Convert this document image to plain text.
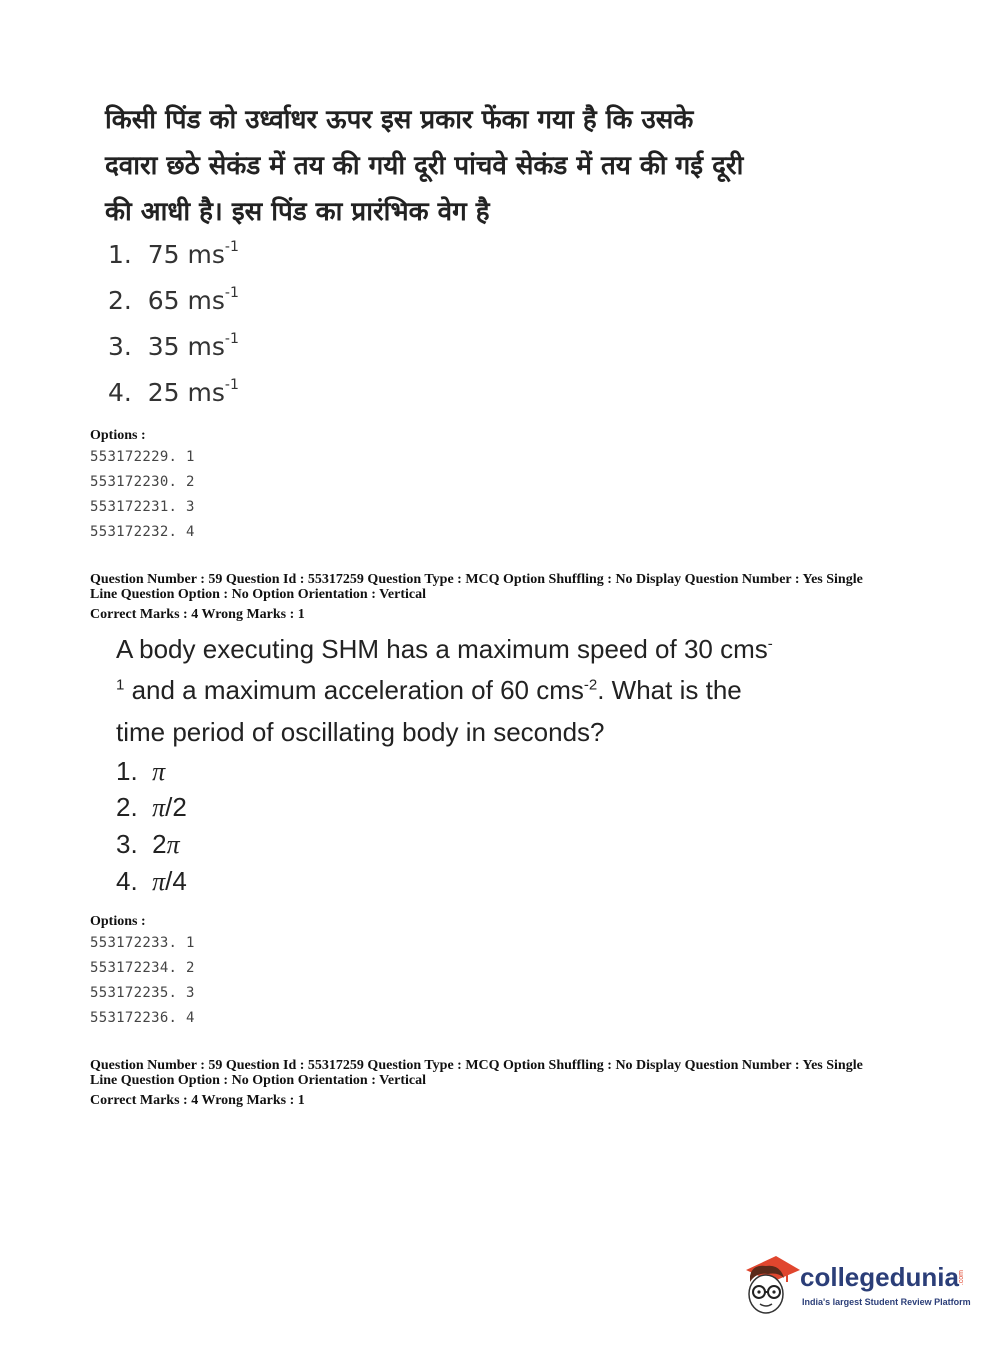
किसी पिंड को उर्ध्वाधर ऊपर इस प्रकार फेंका गया है कि उसके
दवारा छठे सेकंड में तय की गयी दूरी पांचवे सेकंड में तय की गई दूरी
की आधी है। इस पिंड का प्रारंभिक वेग है
1. 75 $ms^{-1}$
2. 65 $ms^{-1}$
3. 35 $ms^{-1}$
4. 25 $ms^{-1}$
Options :
553172229. 1
553172230. 2
553172231. 3
553172232. 4
Question Number : 59 Question Id : 55317259 Question Type : MCQ Option Shuffling : No Display Question Number : Yes Single
Line Question Option : No Option Orientation : Vertical
Correct Marks : 4 Wrong Marks : 1
A body executing SHM has a maximum speed of 30 cms-
$^1$ and a maximum acceleration of 60 cms$^{-2}$. What is the
time period of oscillating body in seconds?
1. π
2. π/2
3. 2π
4. π/4
Options :
553172233. 1
553172234. 2
553172235. 3
553172236. 4
Question Number : 59 Question Id : 55317259 Question Type : MCQ Option Shuffling : No Display Question Number : Yes Single
Line Question Option : No Option Orientation : Vertical
Correct Marks : 4 Wrong Marks : 1
collegedunia .com
India's largest Student Review Platform
